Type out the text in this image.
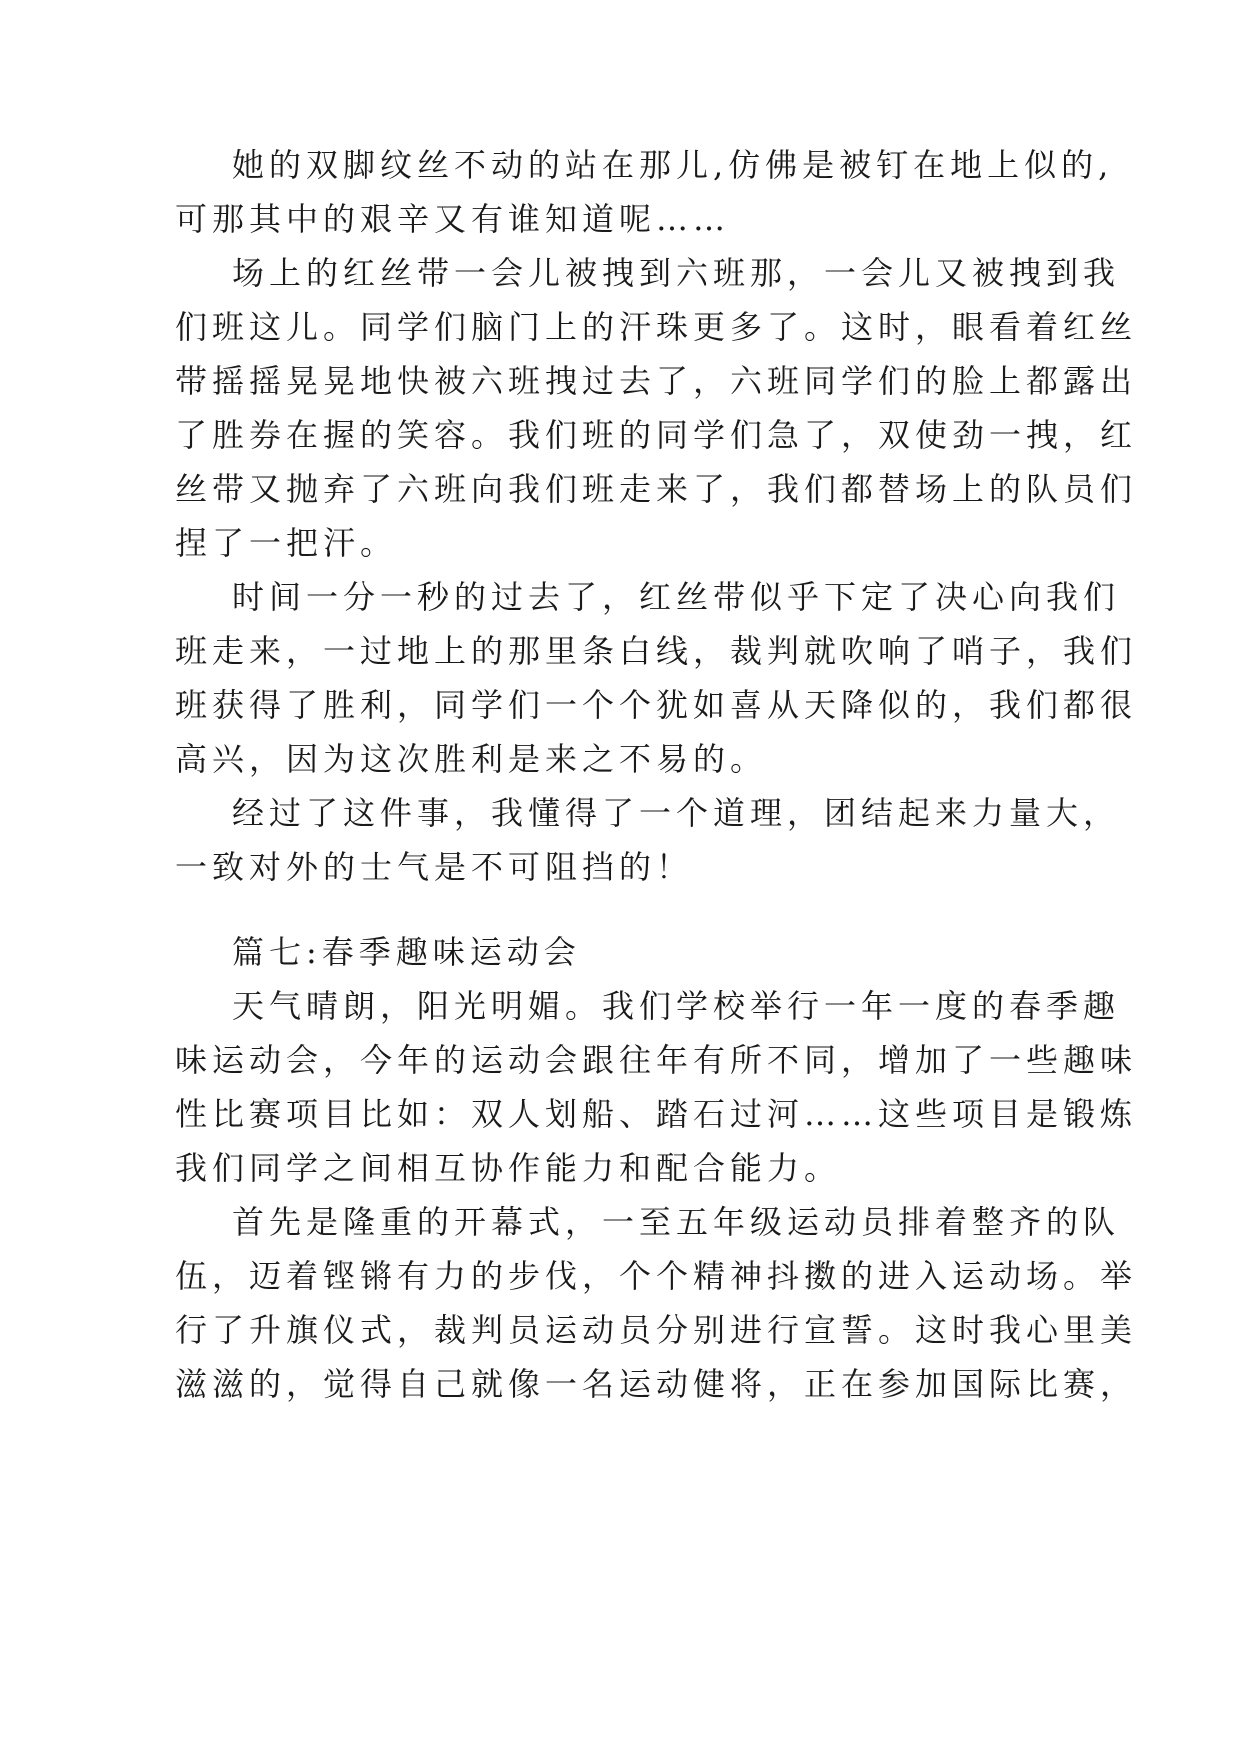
她的双脚纹丝不动的站在那儿,仿佛是被钉在地上似的,
可那其中的艰辛又有谁知道呢……
场上的红丝带一会儿被拽到六班那，一会儿又被拽到我
们班这儿。同学们脑门上的汗珠更多了。这时，眼看着红丝
带摇摇晃晃地快被六班拽过去了，六班同学们的脸上都露出
了胜券在握的笑容。我们班的同学们急了，双使劲一拽，红
丝带又抛弃了六班向我们班走来了，我们都替场上的队员们
捏了一把汗。
时间一分一秒的过去了，红丝带似乎下定了决心向我们
班走来，一过地上的那里条白线，裁判就吹响了哨子，我们
班获得了胜利，同学们一个个犹如喜从天降似的，我们都很
高兴，因为这次胜利是来之不易的。
经过了这件事，我懂得了一个道理，团结起来力量大，
一致对外的士气是不可阻挡的！
篇七:春季趣味运动会
天气晴朗，阳光明媚。我们学校举行一年一度的春季趣
味运动会，今年的运动会跟往年有所不同，增加了一些趣味
性比赛项目比如：双人划船、踏石过河……这些项目是锻炼
我们同学之间相互协作能力和配合能力。
首先是隆重的开幕式，一至五年级运动员排着整齐的队
伍，迈着铿锵有力的步伐，个个精神抖擞的进入运动场。举
行了升旗仪式，裁判员运动员分别进行宣誓。这时我心里美
滋滋的，觉得自己就像一名运动健将，正在参加国际比赛，
